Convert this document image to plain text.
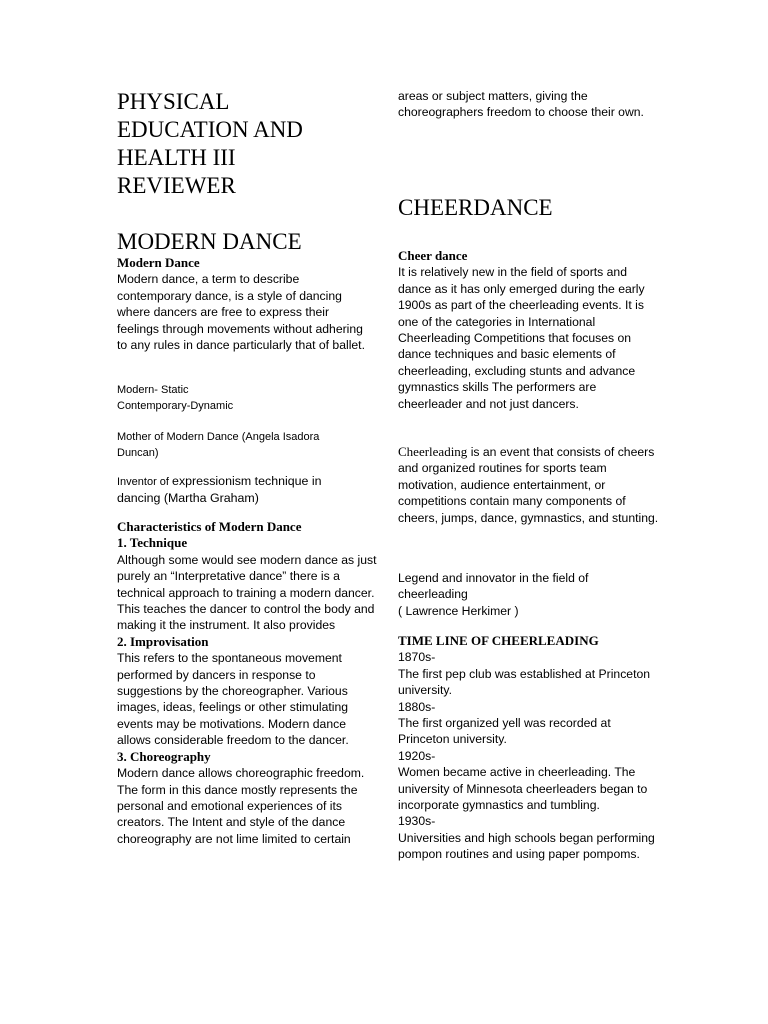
PHYSICAL
EDUCATION AND
HEALTH III
REVIEWER
MODERN DANCE

Modern Dance

Modern dance, a term to describe contemporary dance, is a style of dancing where dancers are free to express their feelings through movements without adhering to any rules in dance particularly that of ballet.

Modern- Static

Contemporary-Dynamic

Mother of Modern Dance (Angela Isadora Duncan)

Inventor of expressionism technique in dancing (Martha Graham)

Characteristics of Modern Dance

1. Technique

Although some would see modern dance as just purely an “Interpretative dance” there is a technical approach to training a modern dancer. This teaches the dancer to control the body and making it the instrument. It also provides

2. Improvisation

This refers to the spontaneous movement performed by dancers in response to suggestions by the choreographer. Various images, ideas, feelings or other stimulating events may be motivations. Modern dance allows considerable freedom to the dancer.

3. Choreography

Modern dance allows choreographic freedom. The form in this dance mostly represents the personal and emotional experiences of its creators. The Intent and style of the dance choreography are not lime limited to certain

areas or subject matters, giving the choreographers freedom to choose their own.

CHEERDANCE

Cheer dance

It is relatively new in the field of sports and dance as it has only emerged during the early 1900s as part of the cheerleading events. It is one of the categories in International Cheerleading Competitions that focuses on dance techniques and basic elements of cheerleading, excluding stunts and advance gymnastics skills The performers are cheerleader and not just dancers.

Cheerleading is an event that consists of cheers and organized routines for sports team motivation, audience entertainment, or competitions contain many components of cheers, jumps, dance, gymnastics, and stunting.

Legend and innovator in the field of cheerleading

( Lawrence Herkimer )

TIME LINE OF CHEERLEADING

1870s-

The first pep club was established at Princeton university.

1880s-

The first organized yell was recorded at Princeton university.

1920s-

Women became active in cheerleading. The university of Minnesota cheerleaders began to incorporate gymnastics and tumbling.

1930s-

Universities and high schools began performing pompon routines and using paper pompoms.
